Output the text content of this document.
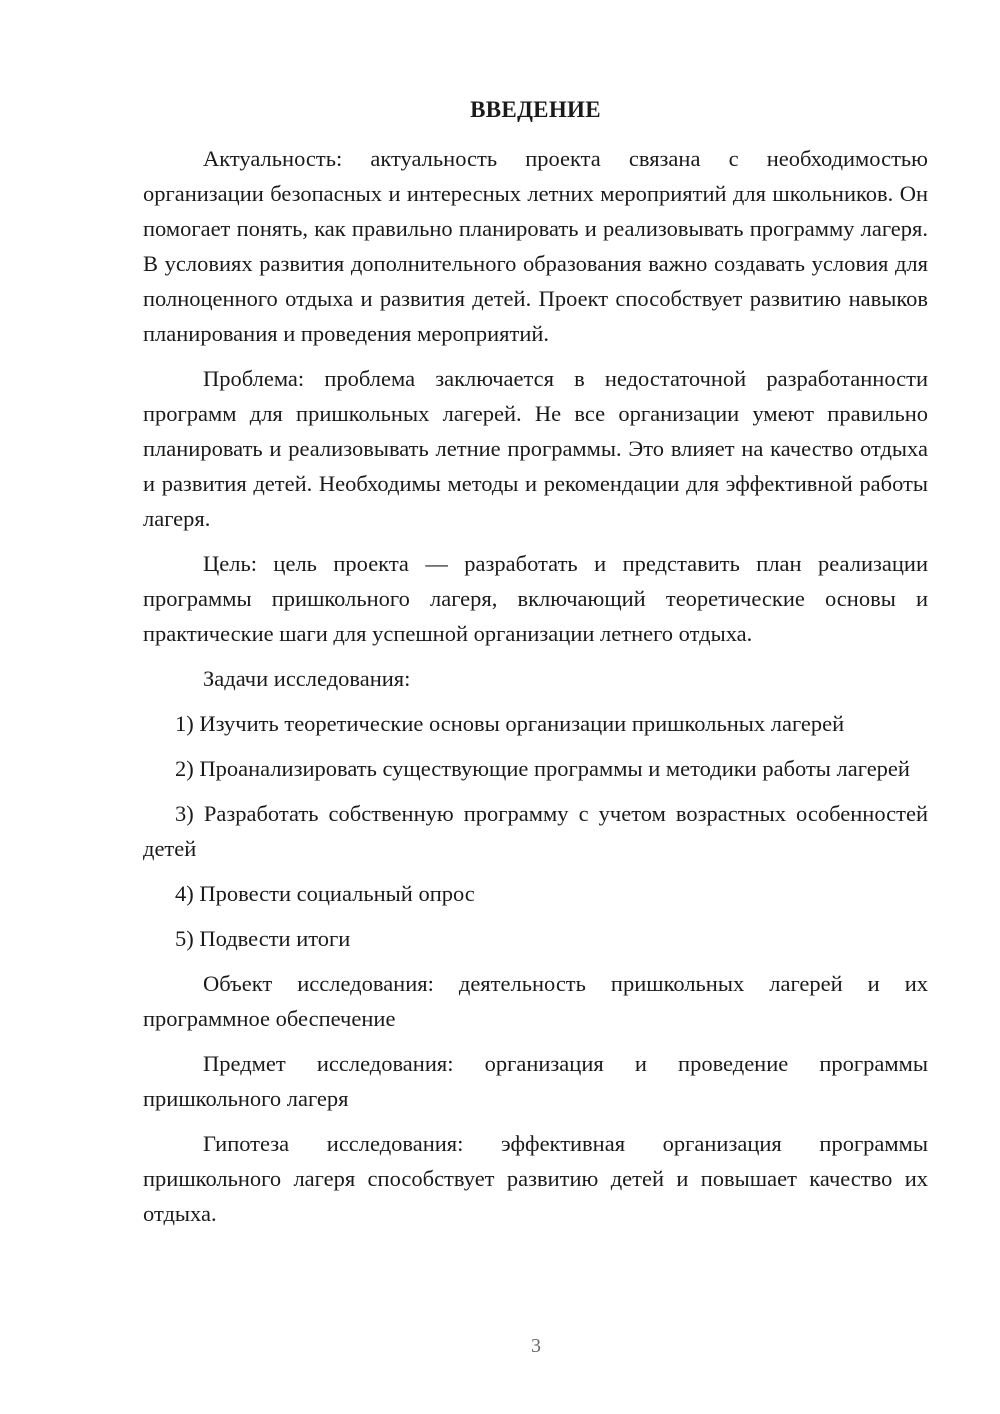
ВВЕДЕНИЕ

Актуальность: актуальность проекта связана с необходимостью организации безопасных и интересных летних мероприятий для школьников. Он помогает понять, как правильно планировать и реализовывать программу лагеря. В условиях развития дополнительного образования важно создавать условия для полноценного отдыха и развития детей. Проект способствует развитию навыков планирования и проведения мероприятий.

Проблема: проблема заключается в недостаточной разработанности программ для пришкольных лагерей. Не все организации умеют правильно планировать и реализовывать летние программы. Это влияет на качество отдыха и развития детей. Необходимы методы и рекомендации для эффективной работы лагеря.

Цель: цель проекта — разработать и представить план реализации программы пришкольного лагеря, включающий теоретические основы и практические шаги для успешной организации летнего отдыха.

Задачи исследования:

1) Изучить теоретические основы организации пришкольных лагерей

2) Проанализировать существующие программы и методики работы лагерей

3) Разработать собственную программу с учетом возрастных особенностей детей

4) Провести социальный опрос

5) Подвести итоги

Объект исследования: деятельность пришкольных лагерей и их программное обеспечение

Предмет исследования: организация и проведение программы пришкольного лагеря

Гипотеза исследования: эффективная организация программы пришкольного лагеря способствует развитию детей и повышает качество их отдыха.

3
